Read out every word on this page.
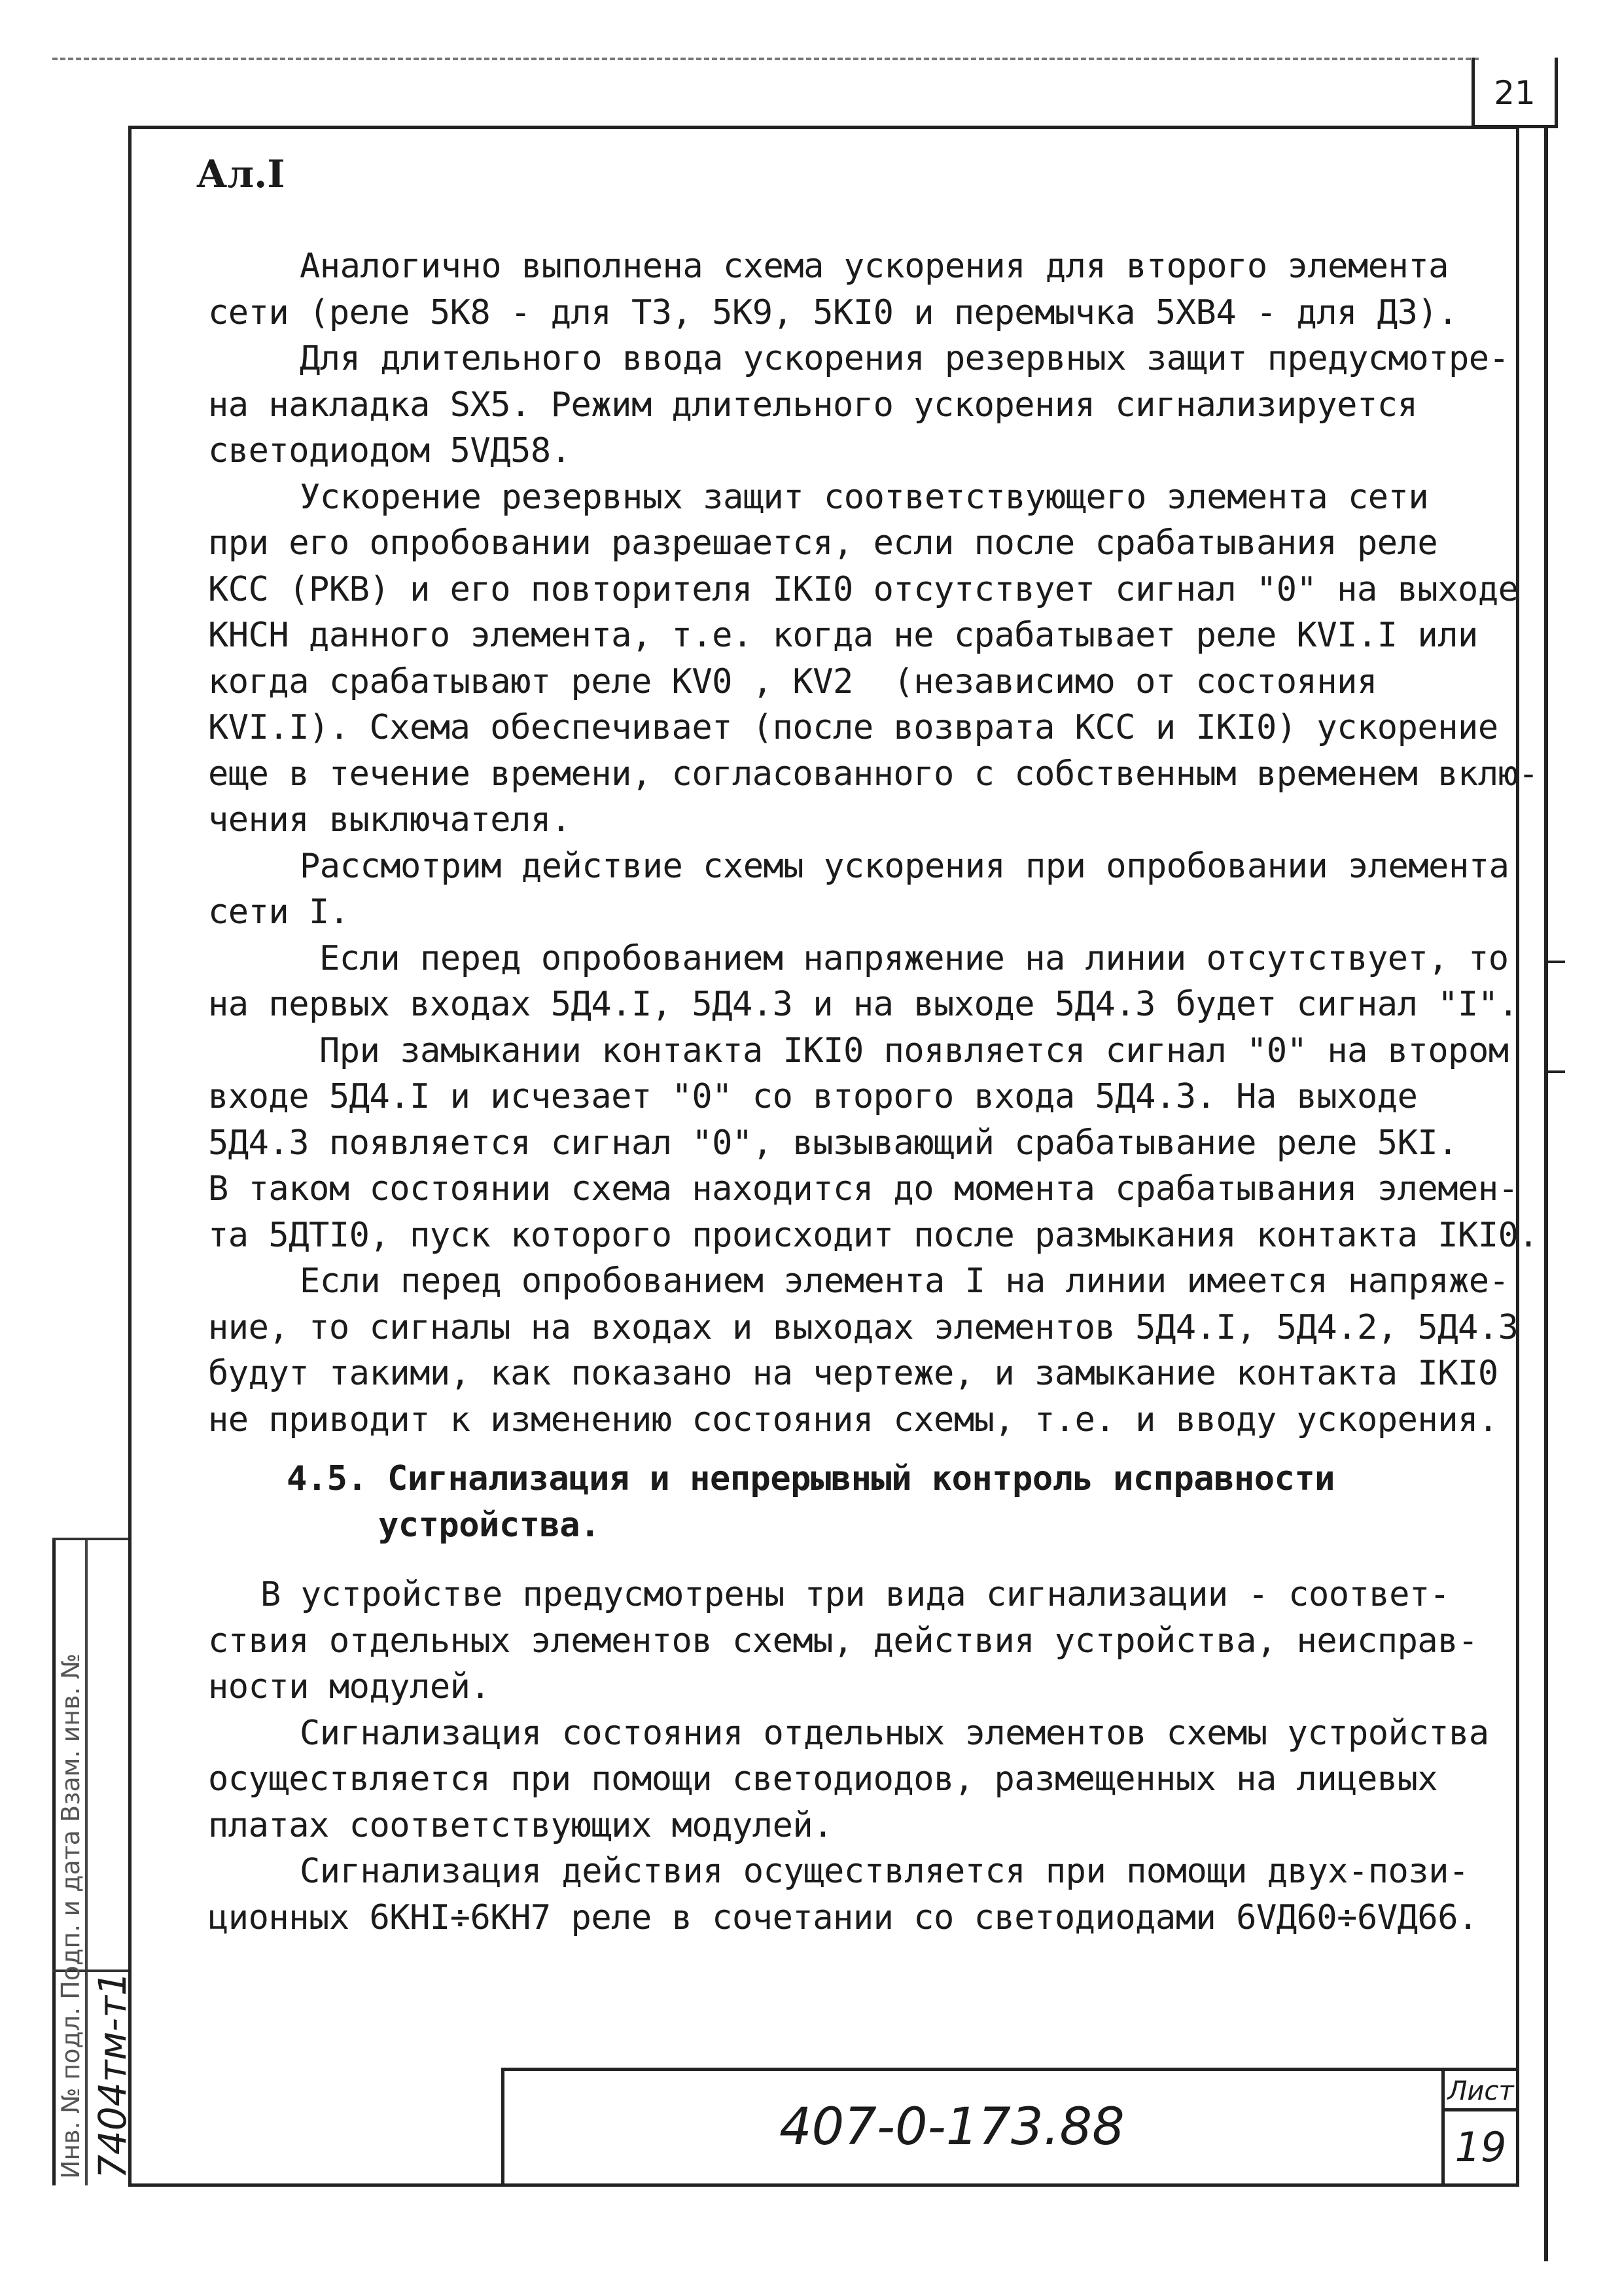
21
Ал.I

Аналогично выполнена схема ускорения для второго элемента

сети (реле 5К8 - для ТЗ, 5К9, 5КI0 и перемычка 5ХВ4 - для ДЗ).

Для длительного ввода ускорения резервных защит предусмотре-

на накладка SX5. Режим длительного ускорения сигнализируется

светодиодом 5VД58.

Ускорение резервных защит соответствующего элемента сети

при его опробовании разрешается, если после срабатывания реле

КСС (РКВ) и его повторителя IКI0 отсутствует сигнал "0" на выходе

КНСН данного элемента, т.е. когда не срабатывает реле KVI.I или

когда срабатывают реле KV0 , KV2  (независимо от состояния

KVI.I). Схема обеспечивает (после возврата КСС и IКI0) ускорение

еще в течение времени, согласованного с собственным временем вклю-

чения выключателя.

Рассмотрим действие схемы ускорения при опробовании элемента

сети I.

Если перед опробованием напряжение на линии отсутствует, то

на первых входах 5Д4.I, 5Д4.3 и на выходе 5Д4.3 будет сигнал "I".

При замыкании контакта IКI0 появляется сигнал "0" на втором

входе 5Д4.I и исчезает "0" со второго входа 5Д4.3. На выходе

5Д4.3 появляется сигнал "0", вызывающий срабатывание реле 5КI.

В таком состоянии схема находится до момента срабатывания элемен-

та 5ДТI0, пуск которого происходит после размыкания контакта IКI0.

Если перед опробованием элемента I на линии имеется напряже-

ние, то сигналы на входах и выходах элементов 5Д4.I, 5Д4.2, 5Д4.3

будут такими, как показано на чертеже, и замыкание контакта IКI0

не приводит к изменению состояния схемы, т.е. и вводу ускорения.

4.5. Сигнализация и непрерывный контроль исправности

устройства.

В устройстве предусмотрены три вида сигнализации - соответ-

ствия отдельных элементов схемы, действия устройства, неисправ-

ности модулей.

Сигнализация состояния отдельных элементов схемы устройства

осуществляется при помощи светодиодов, размещенных на лицевых

платах соответствующих модулей.

Сигнализация действия осуществляется при помощи двух-пози-

ционных 6КНI÷6КН7 реле в сочетании со светодиодами 6VД60÷6VД66.

407-0-173.88
Лист
19
Инв. № подл. Подп. и дата Взам. инв. № 7404тм-т1
